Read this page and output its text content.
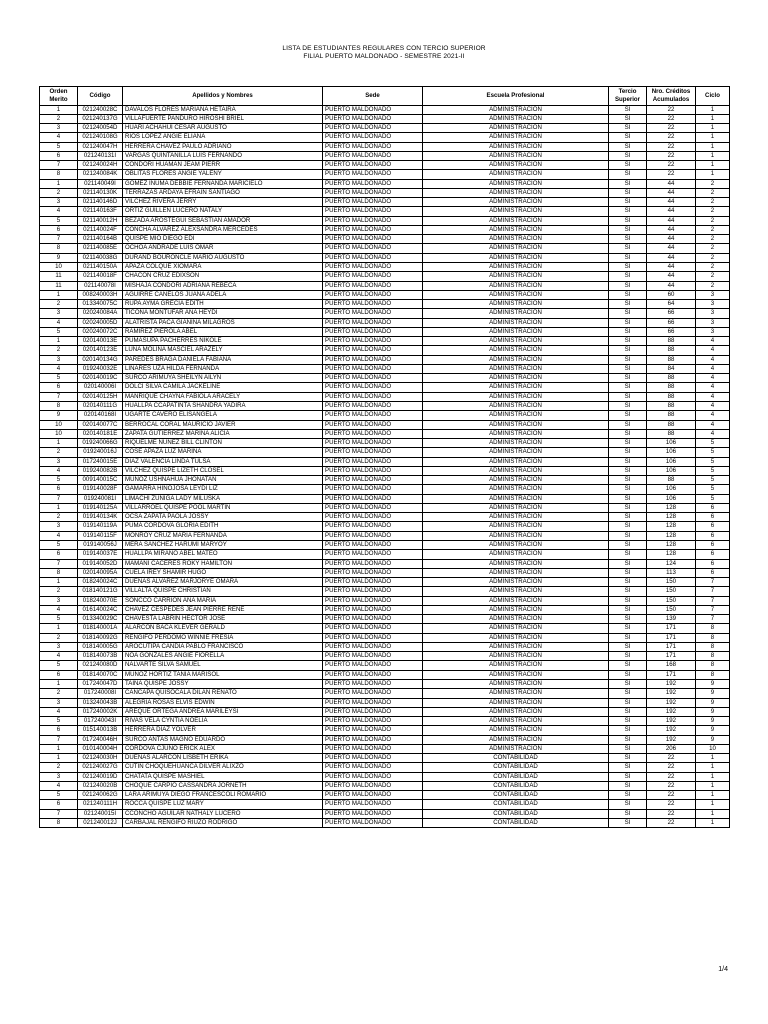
LISTA DE ESTUDIANTES REGULARES CON TERCIO SUPERIOR
FILIAL PUERTO MALDONADO - SEMESTRE 2021-II
Orden Merito	Código	Apellidos y Nombres	Sede	Escuela Profesional	Tercio Superior	Nro. Créditos Acumulados	Ciclo
1	021240028C	DAVALOS FLORES MARIANA HETAIRA	PUERTO MALDONADO	ADMINISTRACION	SI	22	1
2	021240137G	VILLAFUERTE PANDURO HIROSHI BRIEL	PUERTO MALDONADO	ADMINISTRACION	SI	22	1
3	021240054D	HUARI ACHAHUI CESAR AUGUSTO	PUERTO MALDONADO	ADMINISTRACION	SI	22	1
4	021240108G	RIOS LOPEZ ANGIE ELIANA	PUERTO MALDONADO	ADMINISTRACION	SI	22	1
5	021240047H	HERRERA CHAVEZ PAULO ADRIANO	PUERTO MALDONADO	ADMINISTRACION	SI	22	1
6	021240131I	VARGAS QUINTANILLA LUIS FERNANDO	PUERTO MALDONADO	ADMINISTRACION	SI	22	1
7	021240024H	CONDORI HUAMAN JEAM PIERR	PUERTO MALDONADO	ADMINISTRACION	SI	22	1
8	021240084K	OBLITAS FLORES ANGIE YALENY	PUERTO MALDONADO	ADMINISTRACION	SI	22	1
1	021140049I	GOMEZ INUMA DEBBIE FERNANDA MARICIELO	PUERTO MALDONADO	ADMINISTRACION	SI	44	2
2	021140130K	TERRAZAS ARDAYA EFRAIN SANTIAGO	PUERTO MALDONADO	ADMINISTRACION	SI	44	2
3	021140146D	VILCHEZ RIVERA JERRY	PUERTO MALDONADO	ADMINISTRACION	SI	44	2
4	021140163F	ORTIZ GUILLEN LUCERO NATALY	PUERTO MALDONADO	ADMINISTRACION	SI	44	2
5	021140012H	BEZADA AROSTEGUI SEBASTIAN AMADOR	PUERTO MALDONADO	ADMINISTRACION	SI	44	2
6	021140024F	CONCHA ALVAREZ ALEXSANDRA MERCEDES	PUERTO MALDONADO	ADMINISTRACION	SI	44	2
7	021140164B	QUISPE MIO DIEGO EDI	PUERTO MALDONADO	ADMINISTRACION	SI	44	2
8	021140085E	OCHOA ANDRADE LUIS OMAR	PUERTO MALDONADO	ADMINISTRACION	SI	44	2
9	021140038G	DURAND BOURONCLE MARIO AUGUSTO	PUERTO MALDONADO	ADMINISTRACION	SI	44	2
10	021140150A	APAZA COLQUE XIOMARA	PUERTO MALDONADO	ADMINISTRACION	SI	44	2
11	021140018F	CHACON CRUZ EDIXSON	PUERTO MALDONADO	ADMINISTRACION	SI	44	2
11	021140078I	MISHAJA CONDORI ADRIANA REBECA	PUERTO MALDONADO	ADMINISTRACION	SI	44	2
1	008240003H	AGUIRRE CANELOS JUANA ADELA	PUERTO MALDONADO	ADMINISTRACION	SI	60	3
2	013340075C	RUPA AYMA GRECIA EDITH	PUERTO MALDONADO	ADMINISTRACION	SI	64	3
3	020240084A	TICONA MONTUFAR ANA HEYDI	PUERTO MALDONADO	ADMINISTRACION	SI	66	3
4	020240005D	ALATRISTA PACA GIANINA MILAGROS	PUERTO MALDONADO	ADMINISTRACION	SI	66	3
5	020240072C	RAMIREZ PIEROLA ABEL	PUERTO MALDONADO	ADMINISTRACION	SI	66	3
1	020140013E	PUMASUPA PACHERRES NIKOLE	PUERTO MALDONADO	ADMINISTRACION	SI	88	4
2	020140123E	LUNA MOLINA MASCIEL ARAZELY	PUERTO MALDONADO	ADMINISTRACION	SI	88	4
3	020140134G	PAREDES BRAGA DANIELA FABIANA	PUERTO MALDONADO	ADMINISTRACION	SI	88	4
4	019240032E	LINARES UZA HILDA FERNANDA	PUERTO MALDONADO	ADMINISTRACION	SI	84	4
5	020140019C	SURCO ARIMUYA SHEILYN AILYN	PUERTO MALDONADO	ADMINISTRACION	SI	88	4
6	020140006I	DOLCI SILVA CAMILA JACKELINE	PUERTO MALDONADO	ADMINISTRACION	SI	88	4
7	020140125H	MANRIQUE CHAYÑA FABIOLA ARACELY	PUERTO MALDONADO	ADMINISTRACION	SI	88	4
8	020140111G	HUALLPA CCAPATINTA SHANDRA YADIRA	PUERTO MALDONADO	ADMINISTRACION	SI	88	4
9	020140168I	UGARTE CAVERO ELISANGELA	PUERTO MALDONADO	ADMINISTRACION	SI	88	4
10	020140077C	BERROCAL CORAL MAURICIO JAVIER	PUERTO MALDONADO	ADMINISTRACION	SI	88	4
10	020140181E	ZAPATA GUTIERREZ MARINA ALICIA	PUERTO MALDONADO	ADMINISTRACION	SI	88	4
1	019240066G	RIQUELME NÚÑEZ BILL CLINTON	PUERTO MALDONADO	ADMINISTRACION	SI	106	5
2	019240016J	COSE APAZA LUZ MARINA	PUERTO MALDONADO	ADMINISTRACION	SI	106	5
3	017240015E	DIAZ VALENCIA LINDA TULSA	PUERTO MALDONADO	ADMINISTRACION	SI	106	5
4	019240082B	VILCHEZ QUISPE LIZETH CLOSEL	PUERTO MALDONADO	ADMINISTRACION	SI	106	5
5	009140015C	MUÑOZ USHÑAHUA JHONATAN	PUERTO MALDONADO	ADMINISTRACION	SI	88	5
6	019140028F	GAMARRA HINOJOSA LEYDI LIZ	PUERTO MALDONADO	ADMINISTRACION	SI	106	5
7	019240081I	LIMACHI ZUÑIGA LADY MILUSKA	PUERTO MALDONADO	ADMINISTRACION	SI	106	5
1	019140125A	VILLARROEL QUISPE POOL MARTIN	PUERTO MALDONADO	ADMINISTRACION	SI	128	6
2	019140134K	OCSA ZAPATA PAOLA JOSSY	PUERTO MALDONADO	ADMINISTRACION	SI	128	6
3	019140119A	PUMA CORDOVA GLORIA EDITH	PUERTO MALDONADO	ADMINISTRACION	SI	128	6
4	019140115F	MONROY CRUZ MARIA FERNANDA	PUERTO MALDONADO	ADMINISTRACION	SI	128	6
5	019140056J	MERA SANCHEZ HARUMI MARYOY	PUERTO MALDONADO	ADMINISTRACION	SI	128	6
6	019140037E	HUALLPA MIRANO ABEL MATEO	PUERTO MALDONADO	ADMINISTRACION	SI	128	6
7	019140052D	MAMANI CACERES ROKY HAMILTON	PUERTO MALDONADO	ADMINISTRACION	SI	124	6
8	020140095A	CUELA IREY SHAMIR HUGO	PUERTO MALDONADO	ADMINISTRACION	SI	113	6
1	018240024C	DUEÑAS ALVAREZ MARJORYE OMARA	PUERTO MALDONADO	ADMINISTRACION	SI	150	7
2	018140121G	VILLALTA QUISPE CHRISTIAN	PUERTO MALDONADO	ADMINISTRACION	SI	150	7
3	018240070E	SONCCO CARRION ANA MARIA	PUERTO MALDONADO	ADMINISTRACION	SI	150	7
4	016140024C	CHAVEZ CESPEDES JEAN PIERRE RENE	PUERTO MALDONADO	ADMINISTRACION	SI	150	7
5	013340029C	CHAVESTA LABRIN HECTOR JOSE	PUERTO MALDONADO	ADMINISTRACION	SI	139	7
1	018140001A	ALARCON BACA KLEVER GERALD	PUERTO MALDONADO	ADMINISTRACION	SI	171	8
2	018140092G	RENGIFO PERDOMO WINNIE FRESIA	PUERTO MALDONADO	ADMINISTRACION	SI	171	8
3	018140005G	AROCUTIPA CANDIA PABLO FRANCISCO	PUERTO MALDONADO	ADMINISTRACION	SI	171	8
4	018140073B	NOA GONZALES ANGIE FIORELLA	PUERTO MALDONADO	ADMINISTRACION	SI	171	8
5	021240080D	NALVARTE SILVA SAMUEL	PUERTO MALDONADO	ADMINISTRACION	SI	168	8
6	018140070C	MUÑOZ HORTIZ TANIA MARISOL	PUERTO MALDONADO	ADMINISTRACION	SI	171	8
1	017240047D	TAIÑA QUISPE JOSSY	PUERTO MALDONADO	ADMINISTRACION	SI	192	9
2	017240008I	CANCAPA QUISOCALA DILAN RENATO	PUERTO MALDONADO	ADMINISTRACION	SI	192	9
3	013240043B	ALEGRIA ROSAS ELVIS EDWIN	PUERTO MALDONADO	ADMINISTRACION	SI	192	9
4	017240002K	AREQUE ORTEGA ANDREA MARILEYSI	PUERTO MALDONADO	ADMINISTRACION	SI	192	9
5	017240043I	RIVAS VELA CYNTIA NOELIA	PUERTO MALDONADO	ADMINISTRACION	SI	192	9
6	015140013B	HERRERA DIAZ YOLVER	PUERTO MALDONADO	ADMINISTRACION	SI	192	9
7	017240046H	SURCO ANTAS MAGNO EDUARDO	PUERTO MALDONADO	ADMINISTRACION	SI	192	9
1	010140004H	CORDOVA CJUNO ERICK ALEX	PUERTO MALDONADO	ADMINISTRACION	SI	206	10
1	021240030H	DUEÑAS ALARCON LISBETH ERIKA	PUERTO MALDONADO	CONTABILIDAD	SI	22	1
2	021240027G	CUTIN CHOQUEHUANCA DILVER ALIXZO	PUERTO MALDONADO	CONTABILIDAD	SI	22	1
3	021240019D	CHATATA QUISPE MASHIEL	PUERTO MALDONADO	CONTABILIDAD	SI	22	1
4	021240020B	CHOQUE CARPIO CASSANDRA JORNETH	PUERTO MALDONADO	CONTABILIDAD	SI	22	1
5	021240062G	LARA ARIMUYA DIEGO FRANCESCOLI ROMARIO	PUERTO MALDONADO	CONTABILIDAD	SI	22	1
6	021240111H	ROCCA QUISPE LUZ MARY	PUERTO MALDONADO	CONTABILIDAD	SI	22	1
7	021240015I	CCONCHO AGUILAR NATHALY LUCERO	PUERTO MALDONADO	CONTABILIDAD	SI	22	1
8	021240012J	CARBAJAL RENGIFO RIUZO RODRIGO	PUERTO MALDONADO	CONTABILIDAD	SI	22	1
1/4
